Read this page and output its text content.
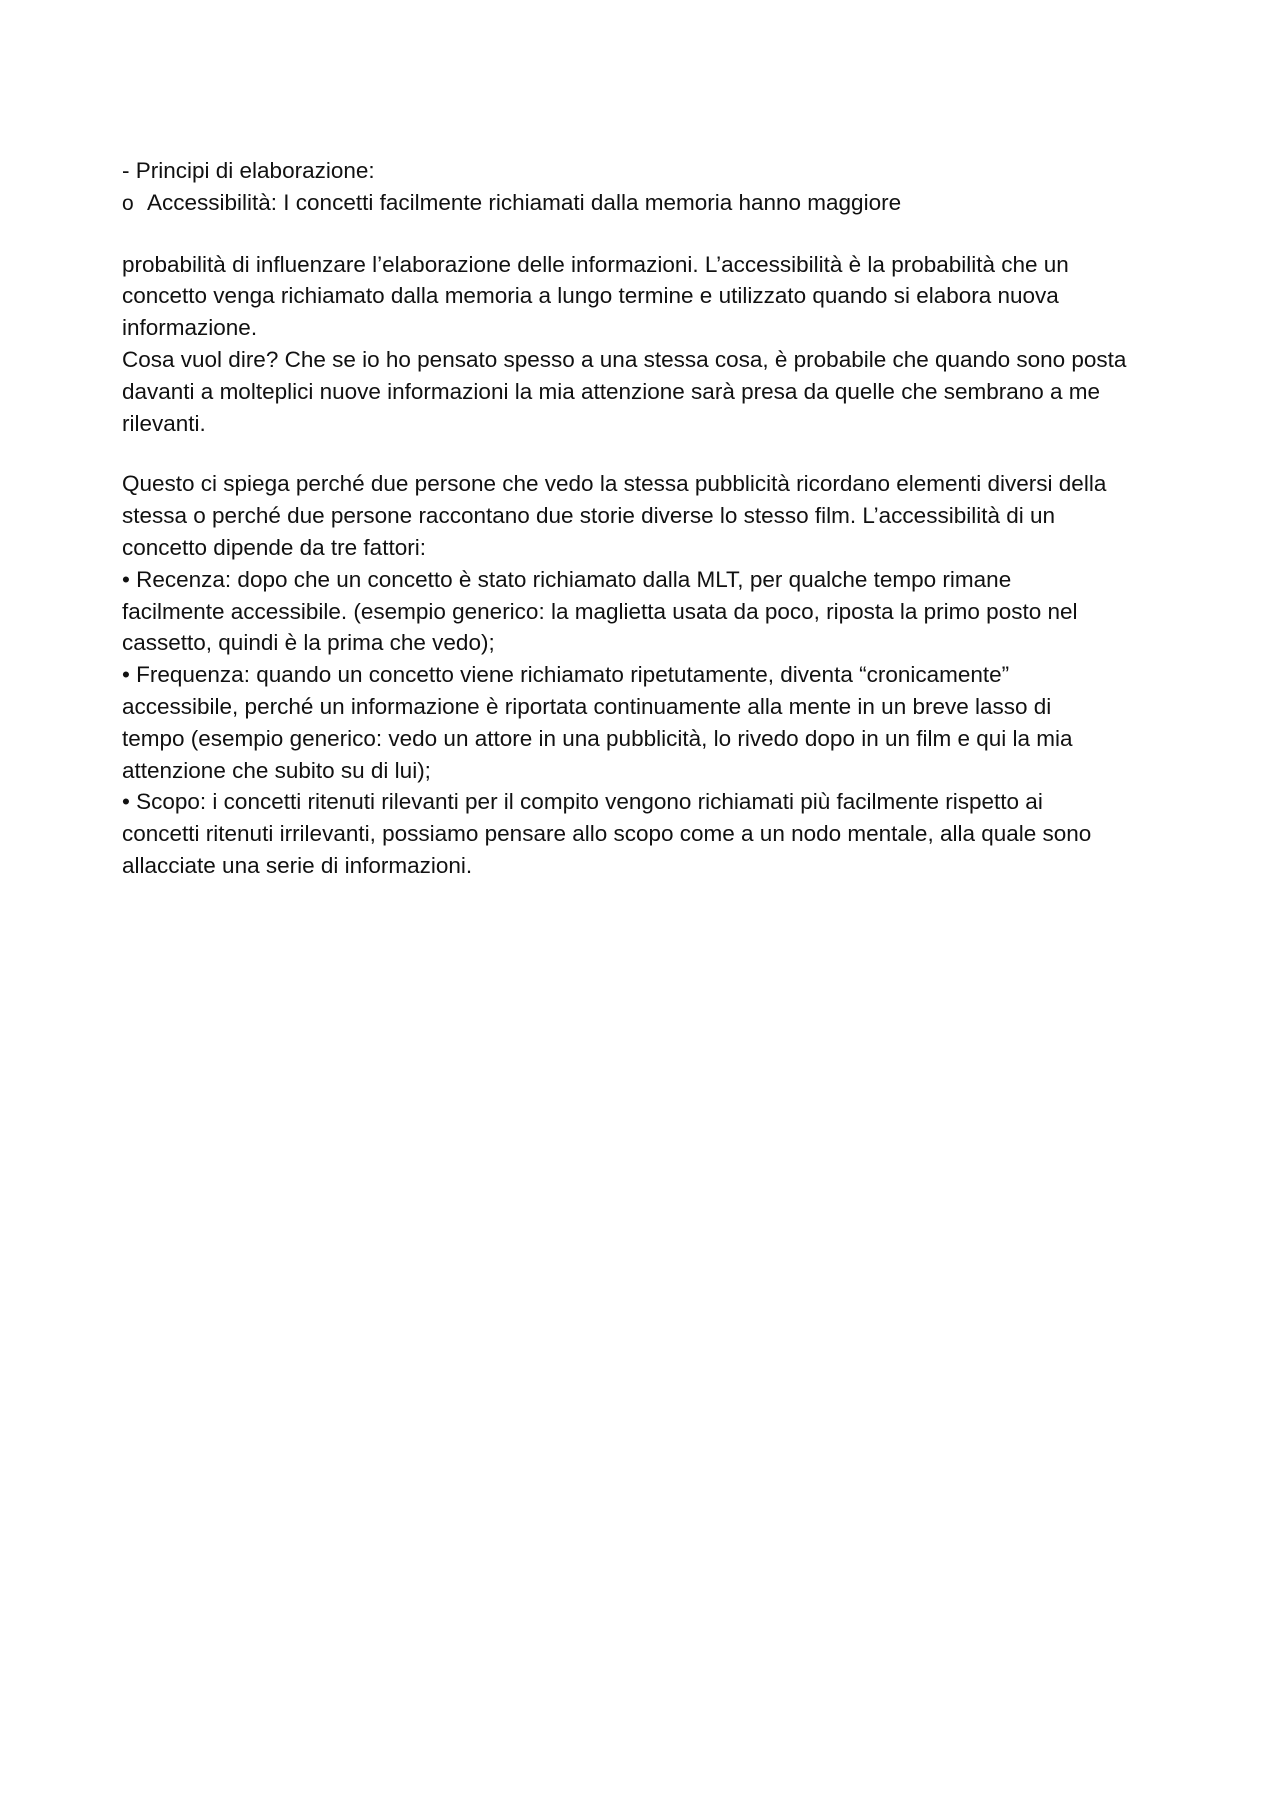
- Principi di elaborazione:
o Accessibilità: I concetti facilmente richiamati dalla memoria hanno maggiore
probabilità di influenzare l’elaborazione delle informazioni. L’accessibilità è la probabilità che un
concetto venga richiamato dalla memoria a lungo termine e utilizzato quando si elabora nuova
informazione.
Cosa vuol dire? Che se io ho pensato spesso a una stessa cosa, è probabile che quando sono posta
davanti a molteplici nuove informazioni la mia attenzione sarà presa da quelle che sembrano a me
rilevanti.
Questo ci spiega perché due persone che vedo la stessa pubblicità ricordano elementi diversi della
stessa o perché due persone raccontano due storie diverse lo stesso film. L’accessibilità di un
concetto dipende da tre fattori:
• Recenza: dopo che un concetto è stato richiamato dalla MLT, per qualche tempo rimane
facilmente accessibile. (esempio generico: la maglietta usata da poco, riposta la primo posto nel
cassetto, quindi è la prima che vedo);
• Frequenza: quando un concetto viene richiamato ripetutamente, diventa “cronicamente”
accessibile, perché un informazione è riportata continuamente alla mente in un breve lasso di
tempo (esempio generico: vedo un attore in una pubblicità, lo rivedo dopo in un film e qui la mia
attenzione che subito su di lui);
• Scopo: i concetti ritenuti rilevanti per il compito vengono richiamati più facilmente rispetto ai
concetti ritenuti irrilevanti, possiamo pensare allo scopo come a un nodo mentale, alla quale sono
allacciate una serie di informazioni.
